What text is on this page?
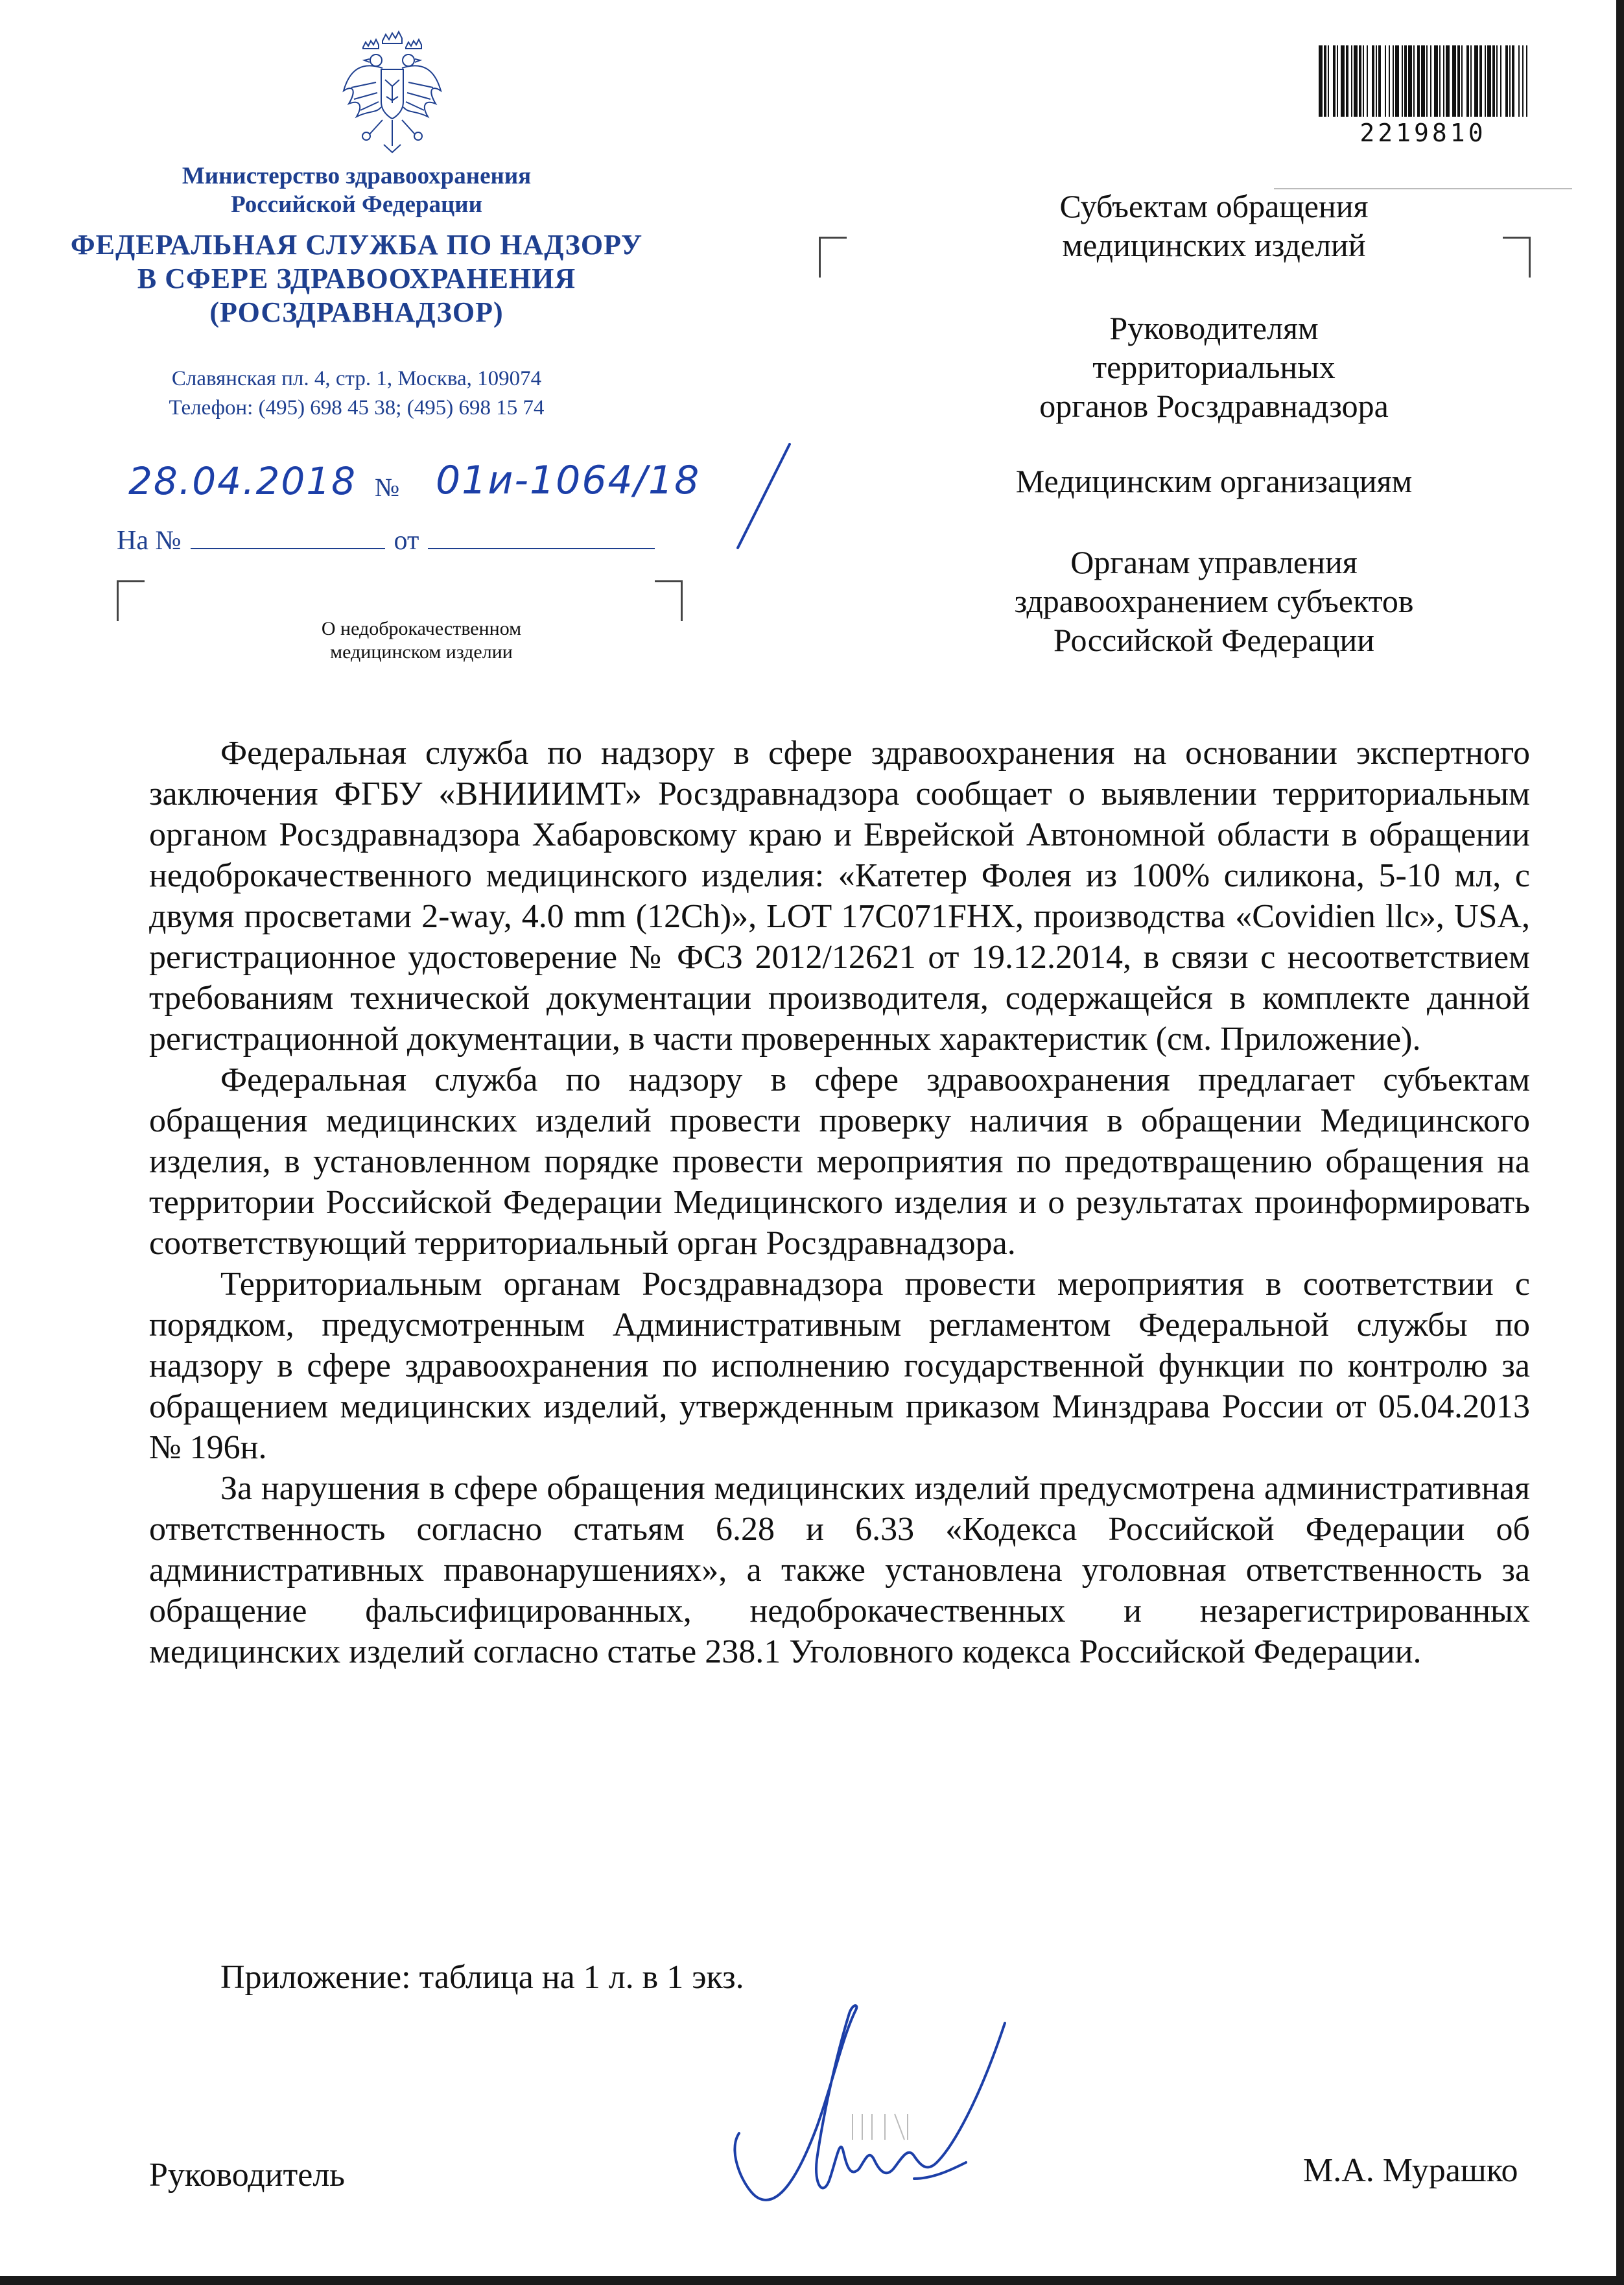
Министерство здравоохранения
Российской Федерации
ФЕДЕРАЛЬНАЯ СЛУЖБА ПО НАДЗОРУ
В СФЕРЕ ЗДРАВООХРАНЕНИЯ
(РОСЗДРАВНАДЗОР)
Славянская пл. 4, стр. 1, Москва, 109074
Телефон: (495) 698 45 38; (495) 698 15 74
28.04.2018 № 01и-1064/18
На №	от
О недоброкачественном
медицинском изделии
2219810
Субъектам обращения
медицинских изделий
Руководителям
территориальных
органов Росздравнадзора
Медицинским организациям
Органам управления
здравоохранением субъектов
Российской Федерации

Федеральная служба по надзору в сфере здравоохранения на основании экспертного заключения ФГБУ «ВНИИИМТ» Росздравнадзора сообщает о выявлении территориальным органом Росздравнадзора Хабаровскому краю и Еврейской Автономной области в обращении недоброкачественного медицинского изделия: «Катетер Фолея из 100% силикона, 5-10 мл, с двумя просветами 2-way, 4.0 mm (12Ch)», LOT 17C071FHX, производства «Covidien llc», USA, регистрационное удостоверение № ФСЗ 2012/12621 от 19.12.2014, в связи с несоответствием требованиям технической документации производителя, содержащейся в комплекте данной регистрационной документации, в части проверенных характеристик (см. Приложение).

Федеральная служба по надзору в сфере здравоохранения предлагает субъектам обращения медицинских изделий провести проверку наличия в обращении Медицинского изделия, в установленном порядке провести мероприятия по предотвращению обращения на территории Российской Федерации Медицинского изделия и о результатах проинформировать соответствующий территориальный орган Росздравнадзора.

Территориальным органам Росздравнадзора провести мероприятия в соответствии с порядком, предусмотренным Административным регламентом Федеральной службы по надзору в сфере здравоохранения по исполнению государственной функции по контролю за обращением медицинских изделий, утвержденным приказом Минздрава России от 05.04.2013 № 196н.

За нарушения в сфере обращения медицинских изделий предусмотрена административная ответственность согласно статьям 6.28 и 6.33 «Кодекса Российской Федерации об административных правонарушениях», а также установлена уголовная ответственность за обращение фальсифицированных, недоброкачественных и незарегистрированных медицинских изделий согласно статье 238.1 Уголовного кодекса Российской Федерации.

Приложение: таблица на 1 л. в 1 экз.
Руководитель	М.А. Мурашко
